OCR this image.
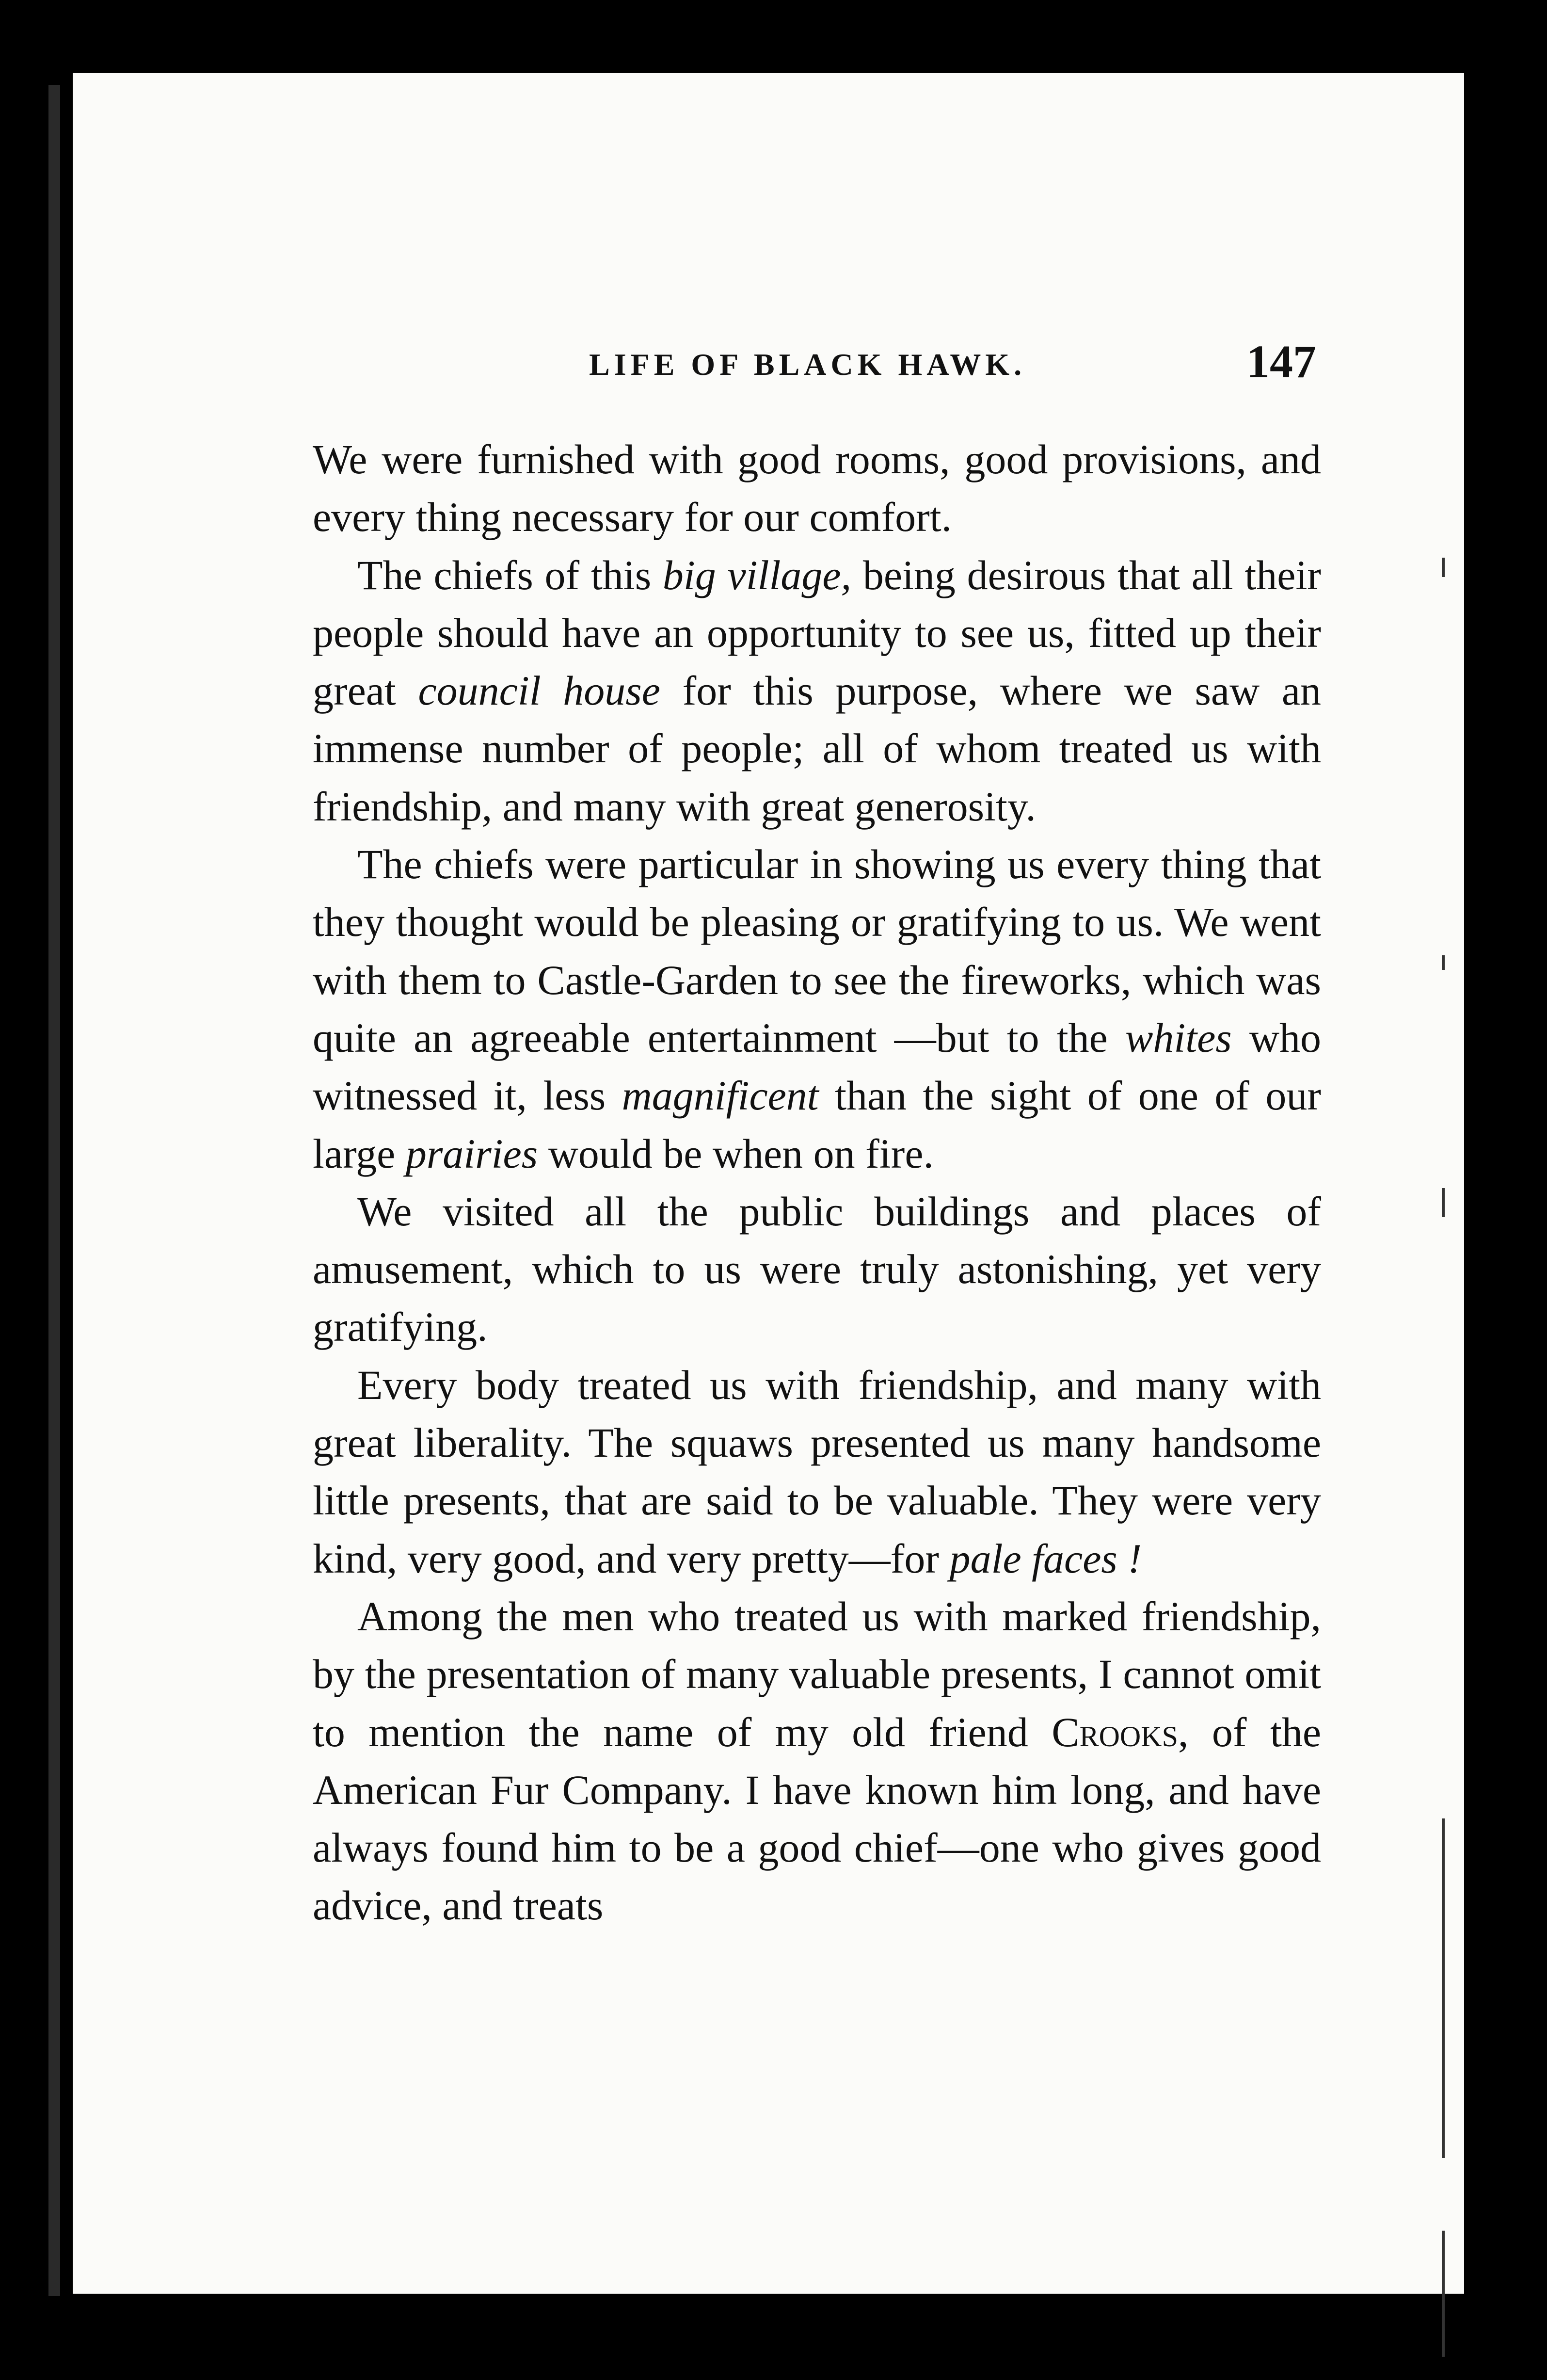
LIFE OF BLACK HAWK.	147

We were furnished with good rooms, good provisions, and every thing necessary for our comfort.

The chiefs of this big village, being desirous that all their people should have an opportunity to see us, fitted up their great council house for this purpose, where we saw an immense number of people; all of whom treated us with friendship, and many with great generosity.

The chiefs were particular in showing us every thing that they thought would be pleasing or gratifying to us. We went with them to Castle-Garden to see the fireworks, which was quite an agreeable entertainment —but to the whites who witnessed it, less magnificent than the sight of one of our large prairies would be when on fire.

We visited all the public buildings and places of amusement, which to us were truly astonishing, yet very gratifying.

Every body treated us with friendship, and many with great liberality. The squaws presented us many handsome little presents, that are said to be valuable. They were very kind, very good, and very pretty—for pale faces !

Among the men who treated us with marked friendship, by the presentation of many valuable presents, I cannot omit to mention the name of my old friend Crooks, of the American Fur Company. I have known him long, and have always found him to be a good chief—one who gives good advice, and treats
